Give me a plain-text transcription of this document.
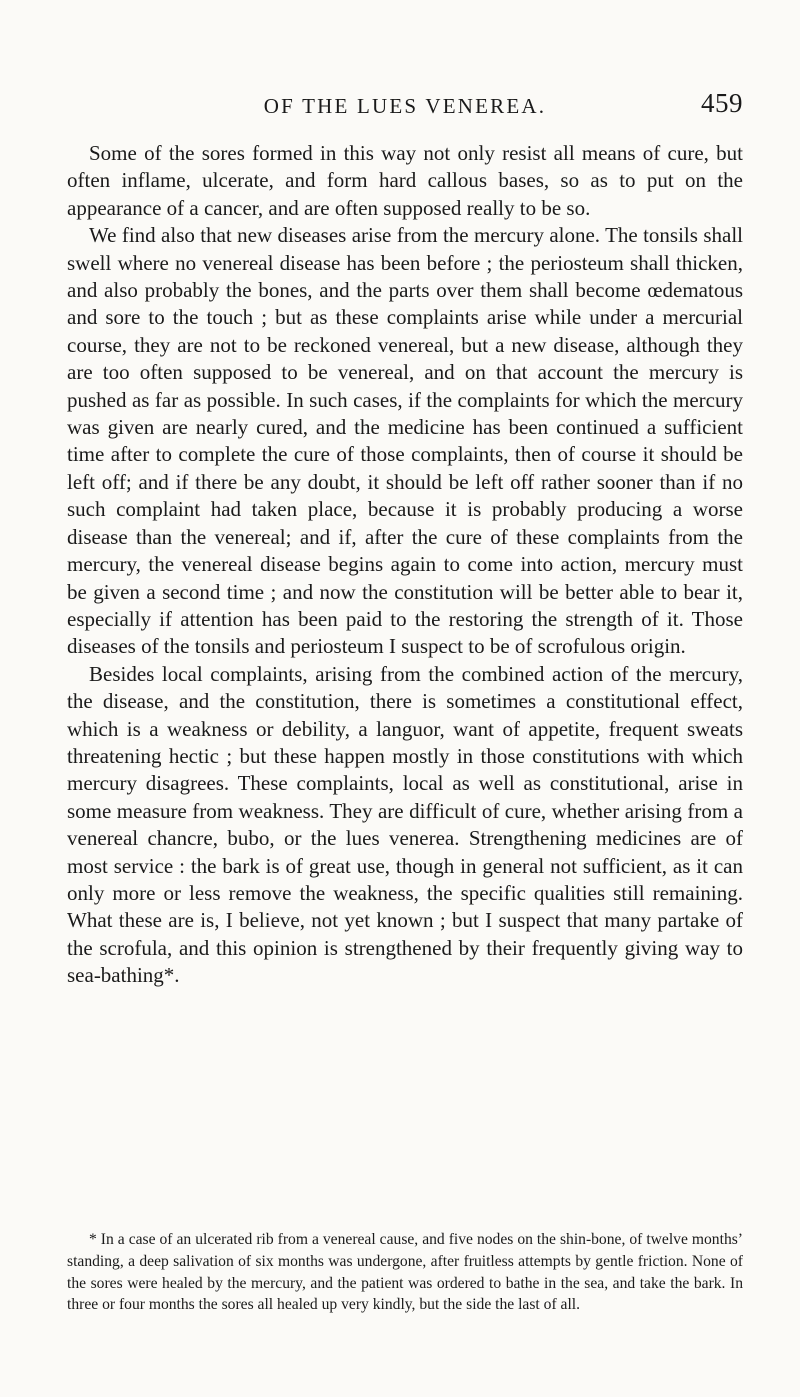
OF THE LUES VENEREA.	459

Some of the sores formed in this way not only resist all means of cure, but often inflame, ulcerate, and form hard callous bases, so as to put on the appearance of a cancer, and are often supposed really to be so.

We find also that new diseases arise from the mercury alone. The tonsils shall swell where no venereal disease has been before ; the periosteum shall thicken, and also probably the bones, and the parts over them shall become œdematous and sore to the touch ; but as these complaints arise while under a mercurial course, they are not to be reckoned venereal, but a new disease, although they are too often supposed to be venereal, and on that account the mercury is pushed as far as possible. In such cases, if the complaints for which the mercury was given are nearly cured, and the medicine has been continued a sufficient time after to complete the cure of those complaints, then of course it should be left off; and if there be any doubt, it should be left off rather sooner than if no such complaint had taken place, because it is probably producing a worse disease than the venereal; and if, after the cure of these complaints from the mercury, the venereal disease begins again to come into action, mercury must be given a second time ; and now the constitution will be better able to bear it, especially if attention has been paid to the restoring the strength of it. Those diseases of the tonsils and periosteum I suspect to be of scrofulous origin.

Besides local complaints, arising from the combined action of the mercury, the disease, and the constitution, there is sometimes a constitutional effect, which is a weakness or debility, a languor, want of appetite, frequent sweats threatening hectic ; but these happen mostly in those constitutions with which mercury disagrees. These complaints, local as well as constitutional, arise in some measure from weakness. They are difficult of cure, whether arising from a venereal chancre, bubo, or the lues venerea. Strengthening medicines are of most service : the bark is of great use, though in general not sufficient, as it can only more or less remove the weakness, the specific qualities still remaining. What these are is, I believe, not yet known ; but I suspect that many partake of the scrofula, and this opinion is strengthened by their frequently giving way to sea-bathing*.

* In a case of an ulcerated rib from a venereal cause, and five nodes on the shin-bone, of twelve months’ standing, a deep salivation of six months was undergone, after fruitless attempts by gentle friction. None of the sores were healed by the mercury, and the patient was ordered to bathe in the sea, and take the bark. In three or four months the sores all healed up very kindly, but the side the last of all.
